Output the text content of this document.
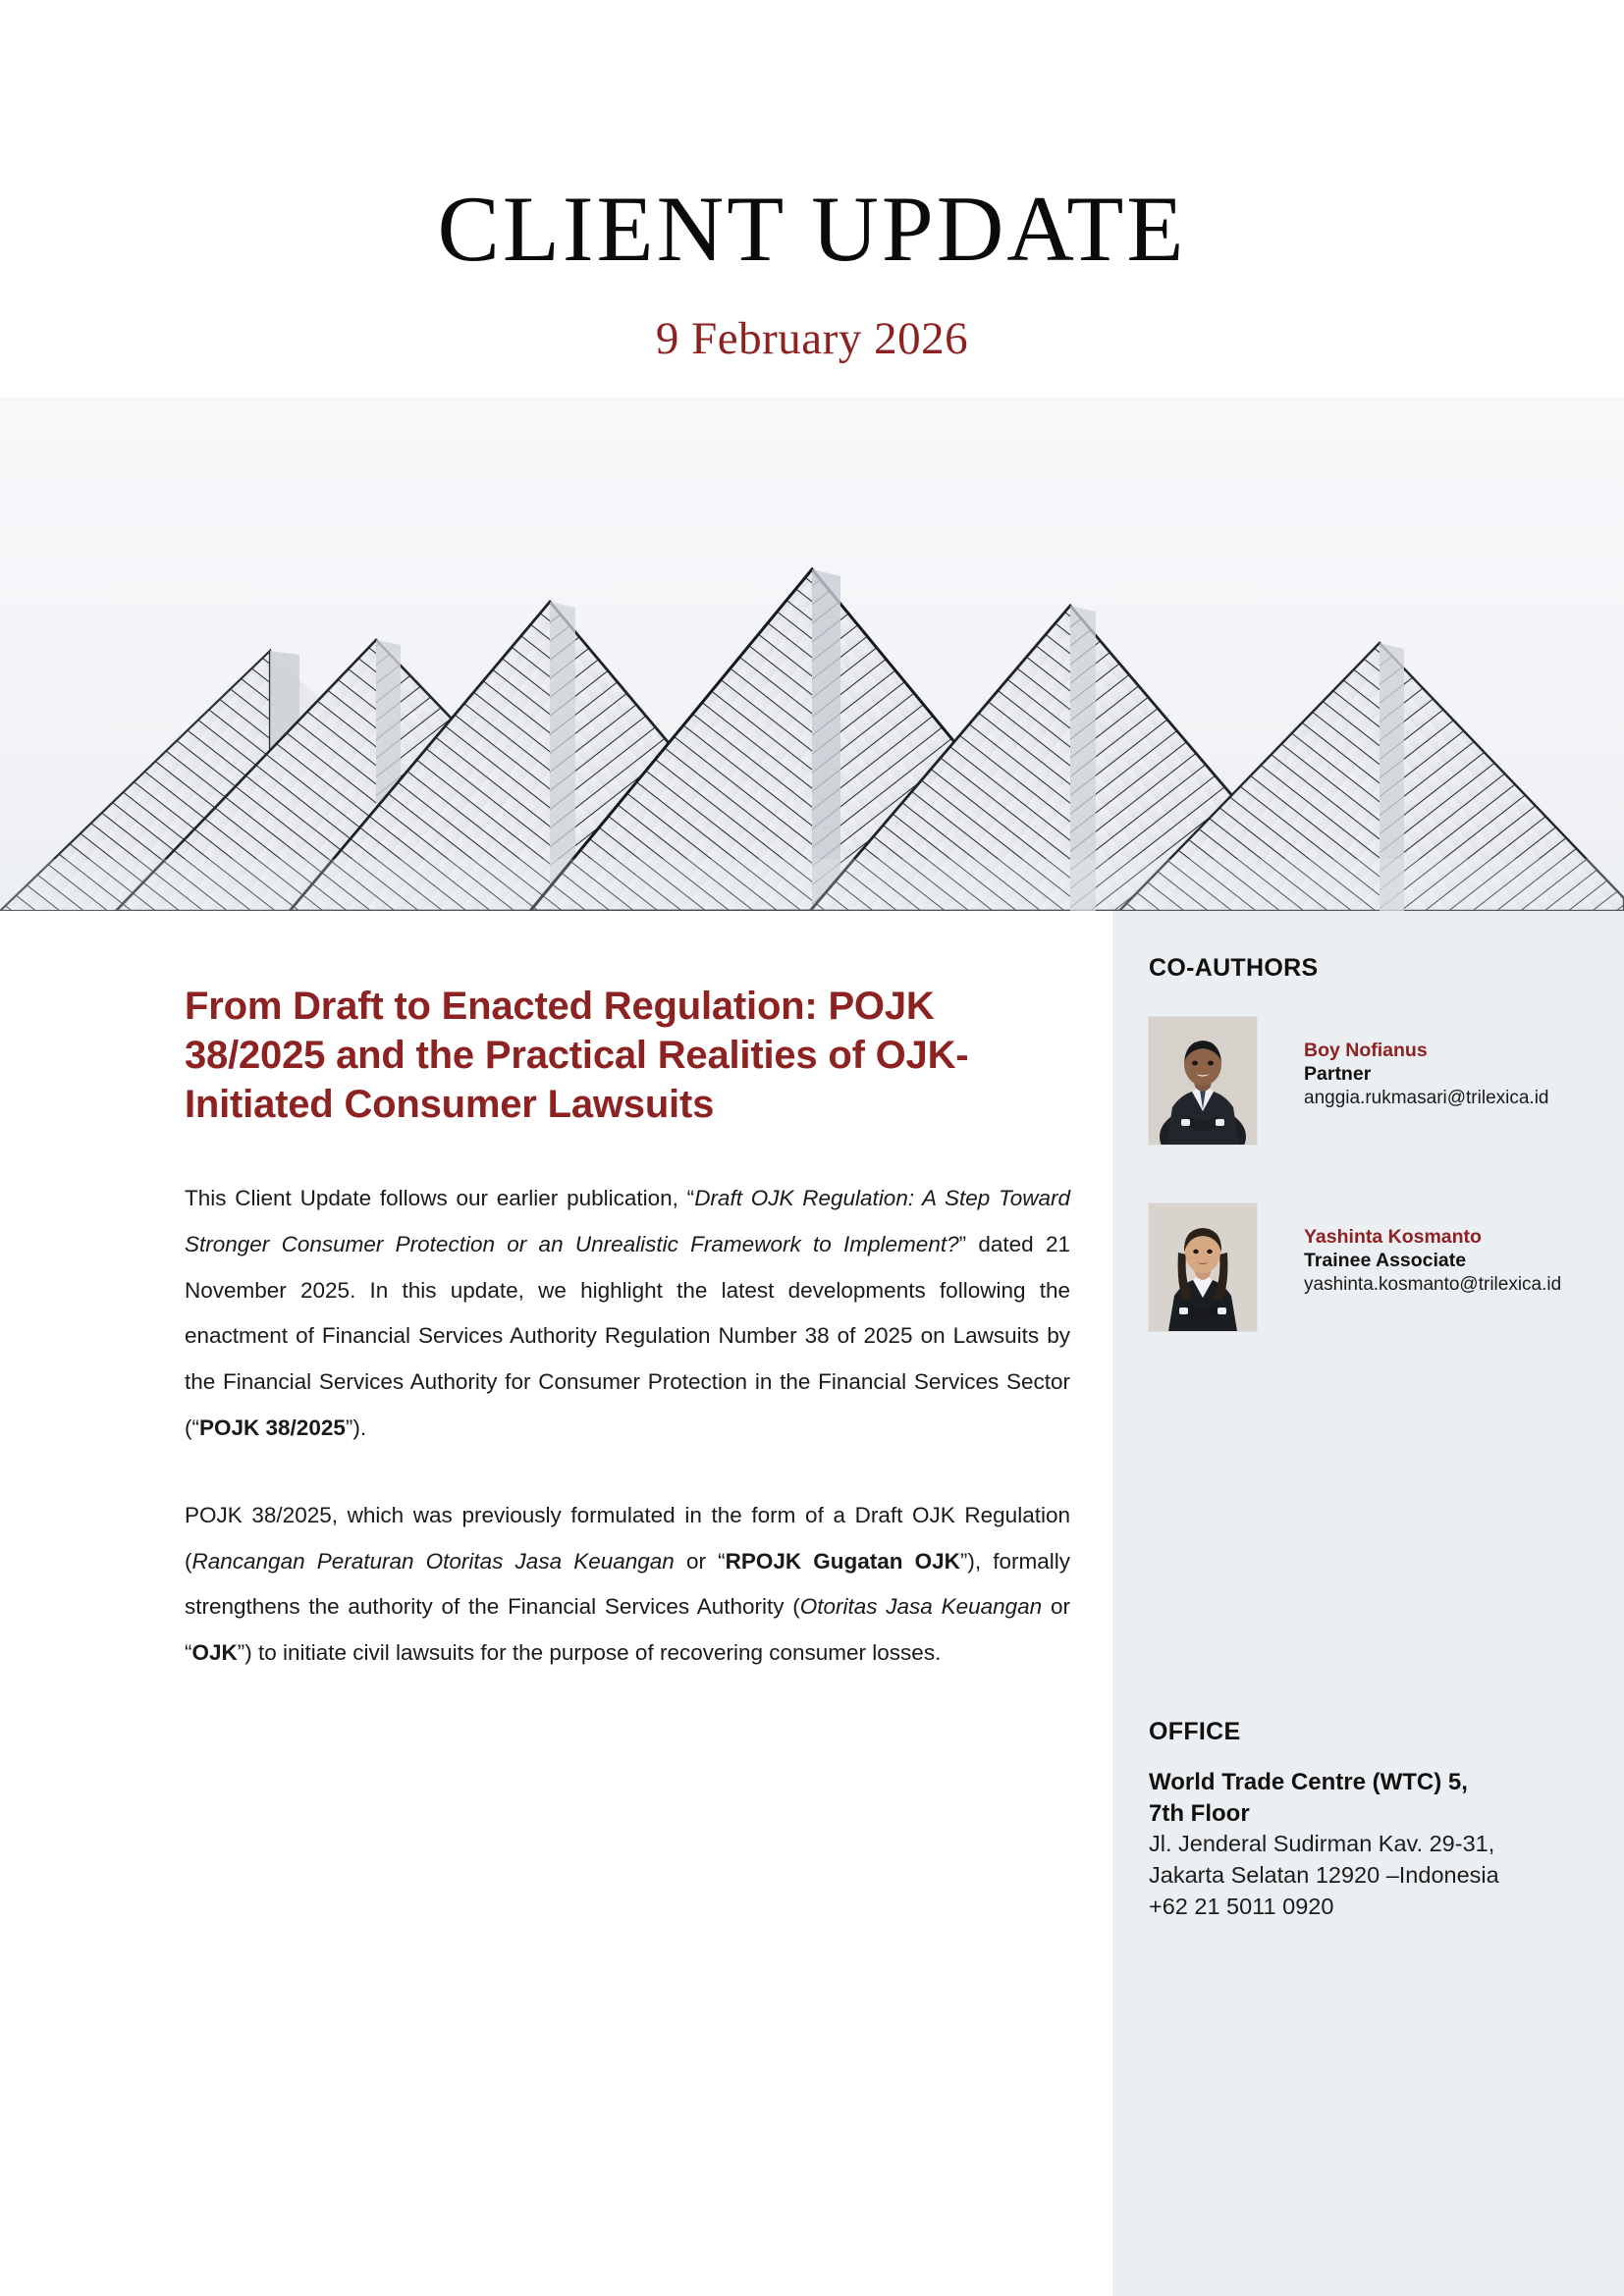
CLIENT UPDATE
9 February 2026
CO-AUTHORS
Boy Nofianus
Partner
anggia.rukmasari@trilexica.id
Yashinta Kosmanto
Trainee Associate
yashinta.kosmanto@trilexica.id
OFFICE
World Trade Centre (WTC) 5,
7th Floor
Jl. Jenderal Sudirman Kav. 29-31,
Jakarta Selatan 12920 –Indonesia
+62 21 5011 0920
From Draft to Enacted Regulation: POJK 38/2025 and the Practical Realities of OJK-Initiated Consumer Lawsuits

This Client Update follows our earlier publication, “Draft OJK Regulation: A Step Toward Stronger Consumer Protection or an Unrealistic Framework to Implement?” dated 21 November 2025. In this update, we highlight the latest developments following the enactment of Financial Services Authority Regulation Number 38 of 2025 on Lawsuits by the Financial Services Authority for Consumer Protection in the Financial Services Sector (“POJK 38/2025”).

POJK 38/2025, which was previously formulated in the form of a Draft OJK Regulation (Rancangan Peraturan Otoritas Jasa Keuangan or “RPOJK Gugatan OJK”), formally strengthens the authority of the Financial Services Authority (Otoritas Jasa Keuangan or “OJK”) to initiate civil lawsuits for the purpose of recovering consumer losses.
